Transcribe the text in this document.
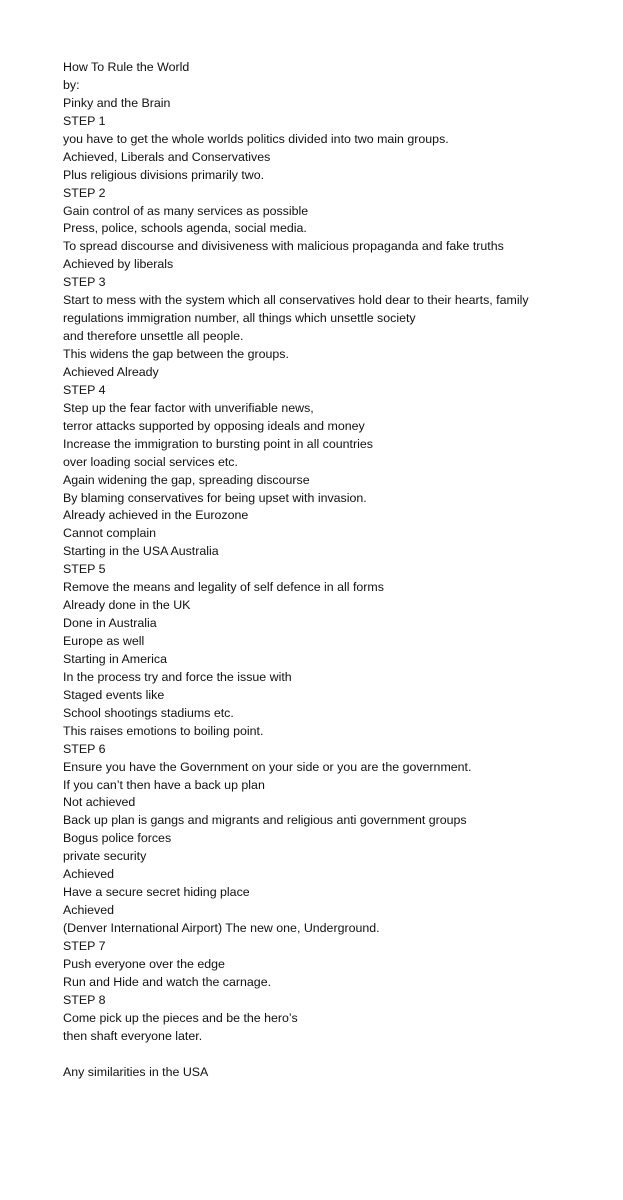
How To Rule the World
by:
Pinky and the Brain
STEP 1
you have to get the whole worlds politics divided into two main groups.
Achieved, Liberals and Conservatives
Plus religious divisions primarily two.
STEP 2
Gain control of as many services as possible
Press, police, schools agenda, social media.
To spread discourse and divisiveness with malicious propaganda and fake truths
Achieved by liberals
STEP 3
Start to mess with the system which all conservatives hold dear to their hearts, family
regulations immigration number, all things which unsettle society
and therefore unsettle all people.
This widens the gap between the groups.
Achieved Already
STEP 4
Step up the fear factor with unverifiable news,
terror attacks supported by opposing ideals and money
Increase the immigration to bursting point in all countries
over loading social services etc.
Again widening the gap, spreading discourse
By blaming conservatives for being upset with invasion.
Already achieved in the Eurozone
Cannot complain
Starting in the USA Australia
STEP 5
Remove the means and legality of self defence in all forms
Already done in the UK
Done in Australia
Europe as well
Starting in America
In the process try and force the issue with
Staged events like
School shootings stadiums etc.
This raises emotions to boiling point.
STEP 6
Ensure you have the Government on your side or you are the government.
If you can’t then have a back up plan
Not achieved
Back up plan is gangs and migrants and religious anti government groups
Bogus police forces
private security
Achieved
Have a secure secret hiding place
Achieved
(Denver International Airport) The new one, Underground.
STEP 7
Push everyone over the edge
Run and Hide and watch the carnage.
STEP 8
Come pick up the pieces and be the hero’s
then shaft everyone later.
Any similarities in the USA
